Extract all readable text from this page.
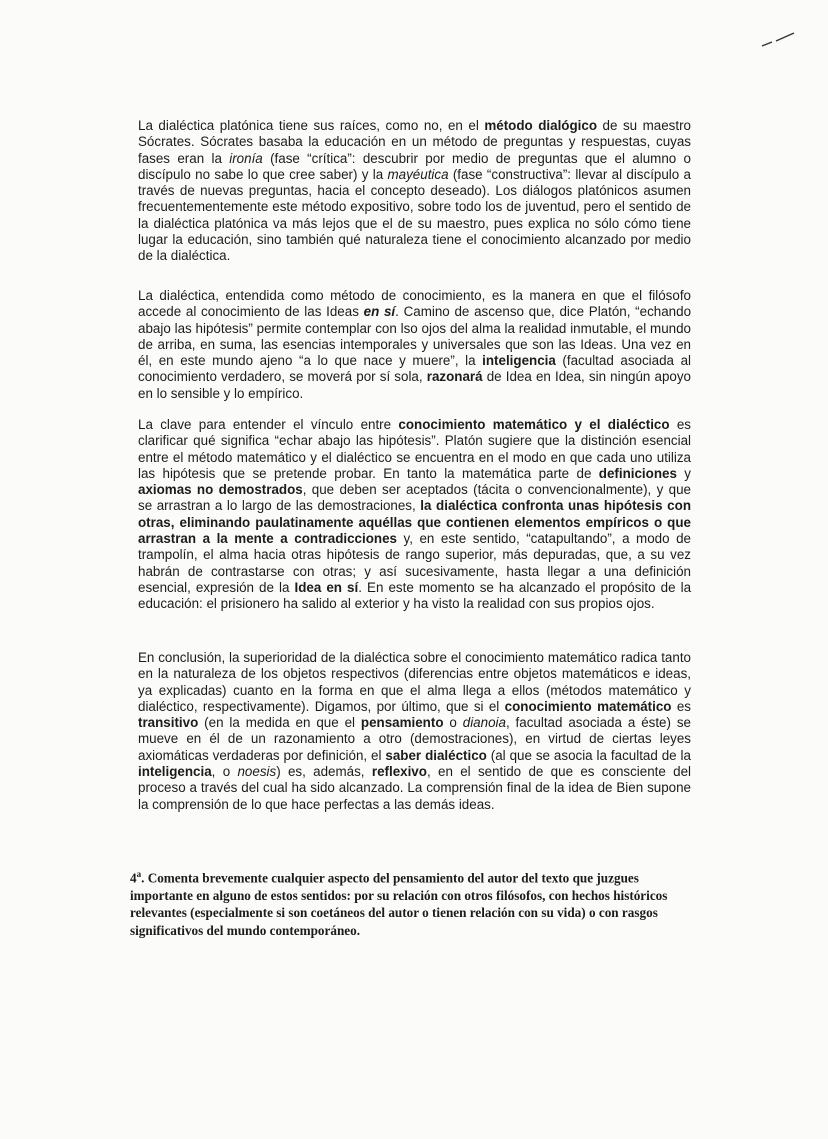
La dialéctica platónica tiene sus raíces, como no, en el método dialógico de su maestro Sócrates. Sócrates basaba la educación en un método de preguntas y respuestas, cuyas fases eran la ironía (fase “crítica”: descubrir por medio de preguntas que el alumno o discípulo no sabe lo que cree saber) y la mayéutica (fase “constructiva”: llevar al discípulo a través de nuevas preguntas, hacia el concepto deseado). Los diálogos platónicos asumen frecuentementemente este método expositivo, sobre todo los de juventud, pero el sentido de la dialéctica platónica va más lejos que el de su maestro, pues explica no sólo cómo tiene lugar la educación, sino también qué naturaleza tiene el conocimiento alcanzado por medio de la dialéctica.

La dialéctica, entendida como método de conocimiento, es la manera en que el filósofo accede al conocimiento de las Ideas en sí. Camino de ascenso que, dice Platón, “echando abajo las hipótesis” permite contemplar con lso ojos del alma la realidad inmutable, el mundo de arriba, en suma, las esencias intemporales y universales que son las Ideas. Una vez en él, en este mundo ajeno “a lo que nace y muere”, la inteligencia (facultad asociada al conocimiento verdadero, se moverá por sí sola, razonará de Idea en Idea, sin ningún apoyo en lo sensible y lo empírico.

La clave para entender el vínculo entre conocimiento matemático y el dialéctico es clarificar qué significa “echar abajo las hipótesis”. Platón sugiere que la distinción esencial entre el método matemático y el dialéctico se encuentra en el modo en que cada uno utiliza las hipótesis que se pretende probar. En tanto la matemática parte de definiciones y axiomas no demostrados, que deben ser aceptados (tácita o convencionalmente), y que se arrastran a lo largo de las demostraciones, la dialéctica confronta unas hipótesis con otras, eliminando paulatinamente aquéllas que contienen elementos empíricos o que arrastran a la mente a contradicciones y, en este sentido, “catapultando”, a modo de trampolín, el alma hacia otras hipótesis de rango superior, más depuradas, que, a su vez habrán de contrastarse con otras; y así sucesivamente, hasta llegar a una definición esencial, expresión de la Idea en sí. En este momento se ha alcanzado el propósito de la educación: el prisionero ha salido al exterior y ha visto la realidad con sus propios ojos.

En conclusión, la superioridad de la dialéctica sobre el conocimiento matemático radica tanto en la naturaleza de los objetos respectivos (diferencias entre objetos matemáticos e ideas, ya explicadas) cuanto en la forma en que el alma llega a ellos (métodos matemático y dialéctico, respectivamente). Digamos, por último, que si el conocimiento matemático es transitivo (en la medida en que el pensamiento o dianoia, facultad asociada a éste) se mueve en él de un razonamiento a otro (demostraciones), en virtud de ciertas leyes axiomáticas verdaderas por definición, el saber dialéctico (al que se asocia la facultad de la inteligencia, o noesis) es, además, reflexivo, en el sentido de que es consciente del proceso a través del cual ha sido alcanzado. La comprensión final de la idea de Bien supone la comprensión de lo que hace perfectas a las demás ideas.

4$^a$. Comenta brevemente cualquier aspecto del pensamiento del autor del texto que juzgues importante en alguno de estos sentidos: por su relación con otros filósofos, con hechos históricos relevantes (especialmente si son coetáneos del autor o tienen relación con su vida) o con rasgos significativos del mundo contemporáneo.
